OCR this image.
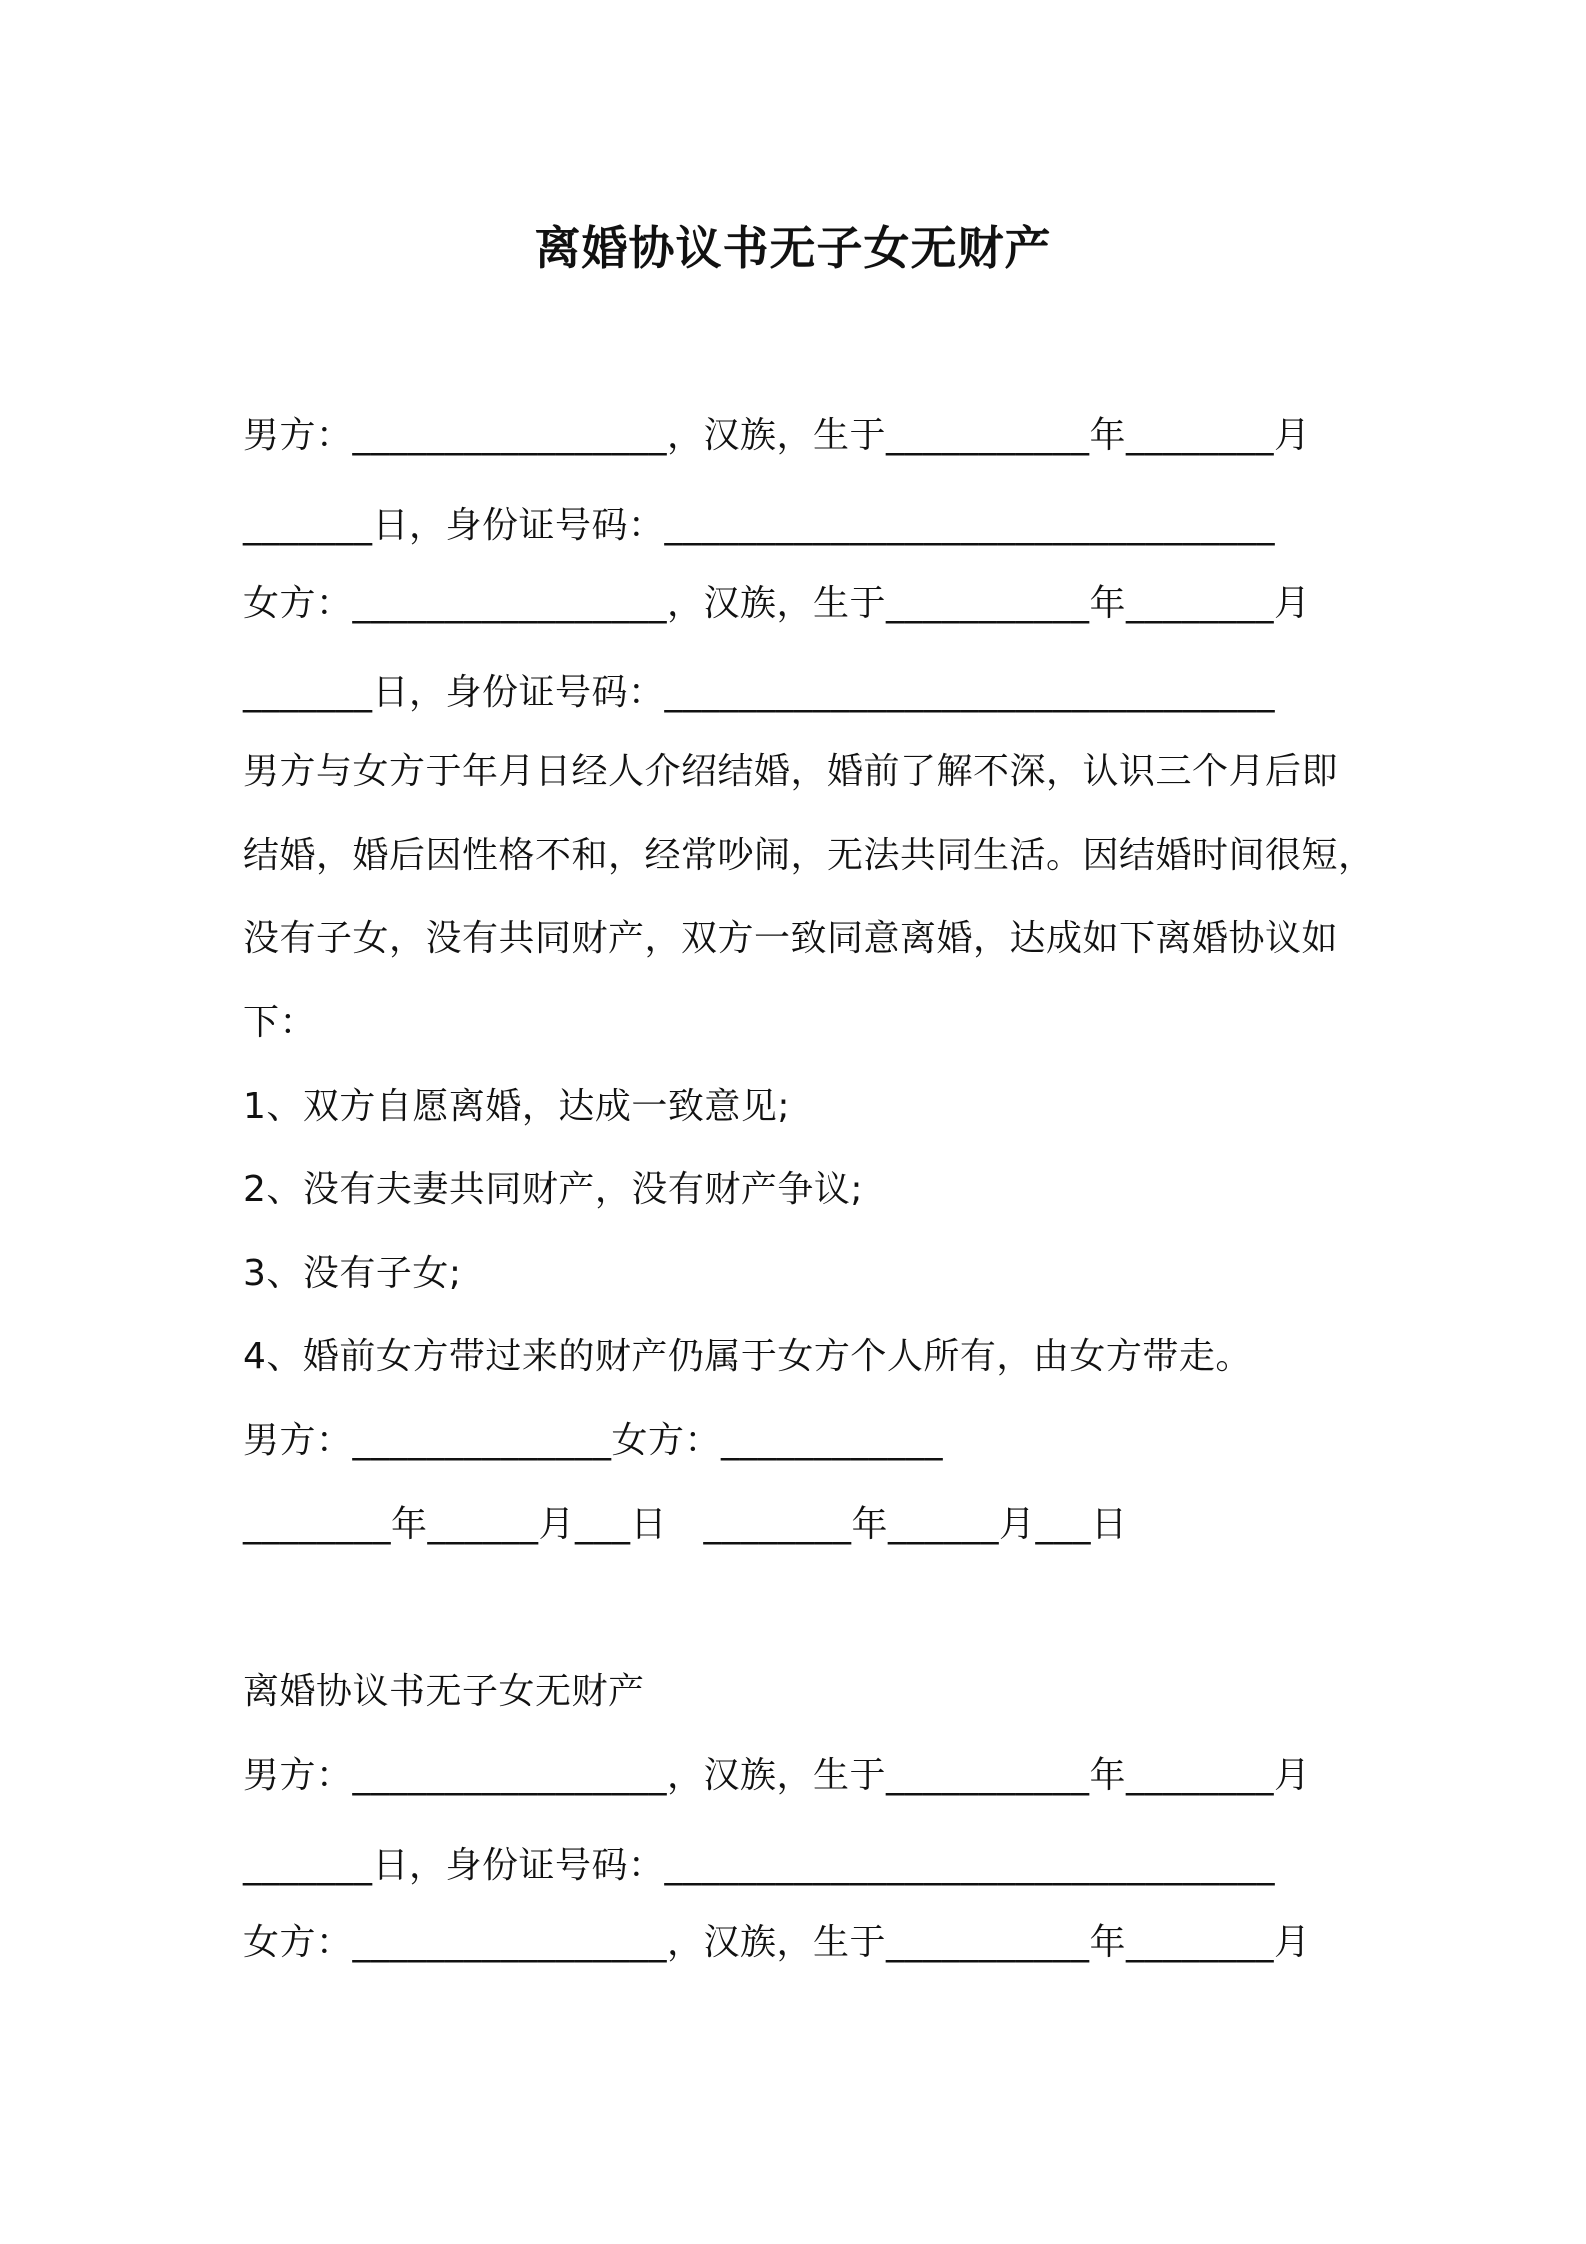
离婚协议书无子女无财产
男方：_________________，汉族，生于___________年________月
_______日，身份证号码：_________________________________
女方：_________________，汉族，生于___________年________月
_______日，身份证号码：_________________________________
男方与女方于年月日经人介绍结婚，婚前了解不深，认识三个月后即
结婚，婚后因性格不和，经常吵闹，无法共同生活。因结婚时间很短，
没有子女，没有共同财产，双方一致同意离婚，达成如下离婚协议如
下：
1、双方自愿离婚，达成一致意见;
2、没有夫妻共同财产，没有财产争议;
3、没有子女;
4、婚前女方带过来的财产仍属于女方个人所有，由女方带走。
男方：______________女方：____________
________年______月___日　________年______月___日
离婚协议书无子女无财产
男方：_________________，汉族，生于___________年________月
_______日，身份证号码：_________________________________
女方：_________________，汉族，生于___________年________月
